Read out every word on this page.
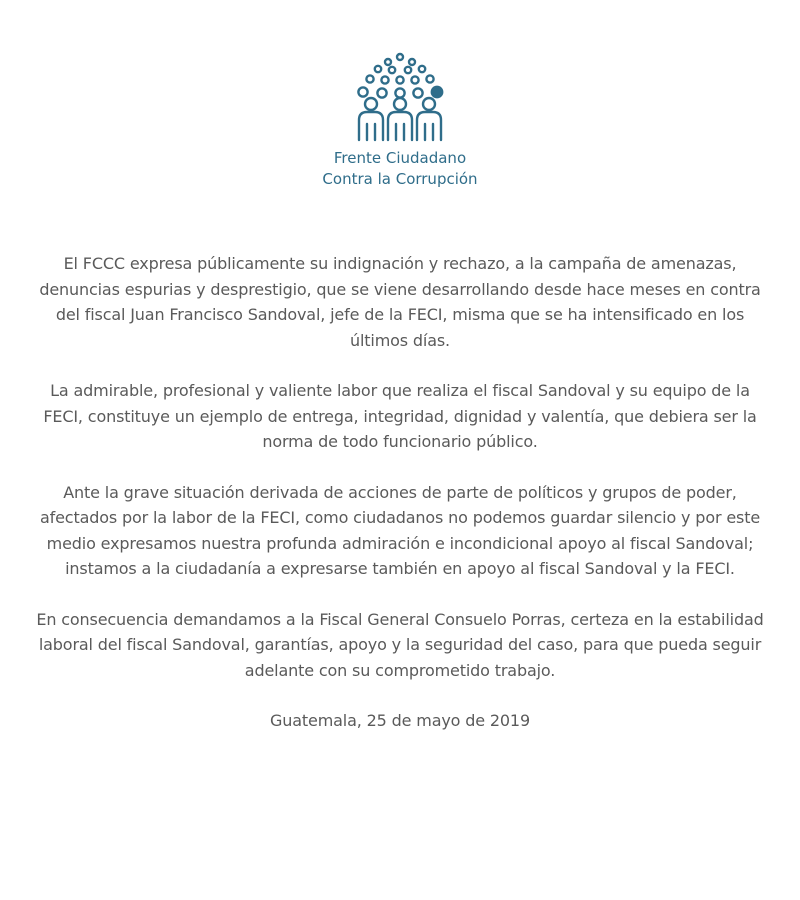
Frente Ciudadano
Contra la Corrupción

El FCCC expresa públicamente su indignación y rechazo, a la campaña de amenazas, denuncias espurias y desprestigio, que se viene desarrollando desde hace meses en contra del fiscal Juan Francisco Sandoval, jefe de la FECI, misma que se ha intensificado en los últimos días.

La admirable, profesional y valiente labor que realiza el fiscal Sandoval y su equipo de la FECI, constituye un ejemplo de entrega, integridad, dignidad y valentía, que debiera ser la norma de todo funcionario público.

Ante la grave situación derivada de acciones de parte de políticos y grupos de poder, afectados por la labor de la FECI, como ciudadanos no podemos guardar silencio y por este medio expresamos nuestra profunda admiración e incondicional apoyo al fiscal Sandoval; instamos a la ciudadanía a expresarse también en apoyo al fiscal Sandoval y la FECI.

En consecuencia demandamos a la Fiscal General Consuelo Porras, certeza en la estabilidad laboral del fiscal Sandoval, garantías, apoyo y la seguridad del caso, para que pueda seguir adelante con su comprometido trabajo.

Guatemala, 25 de mayo de 2019
